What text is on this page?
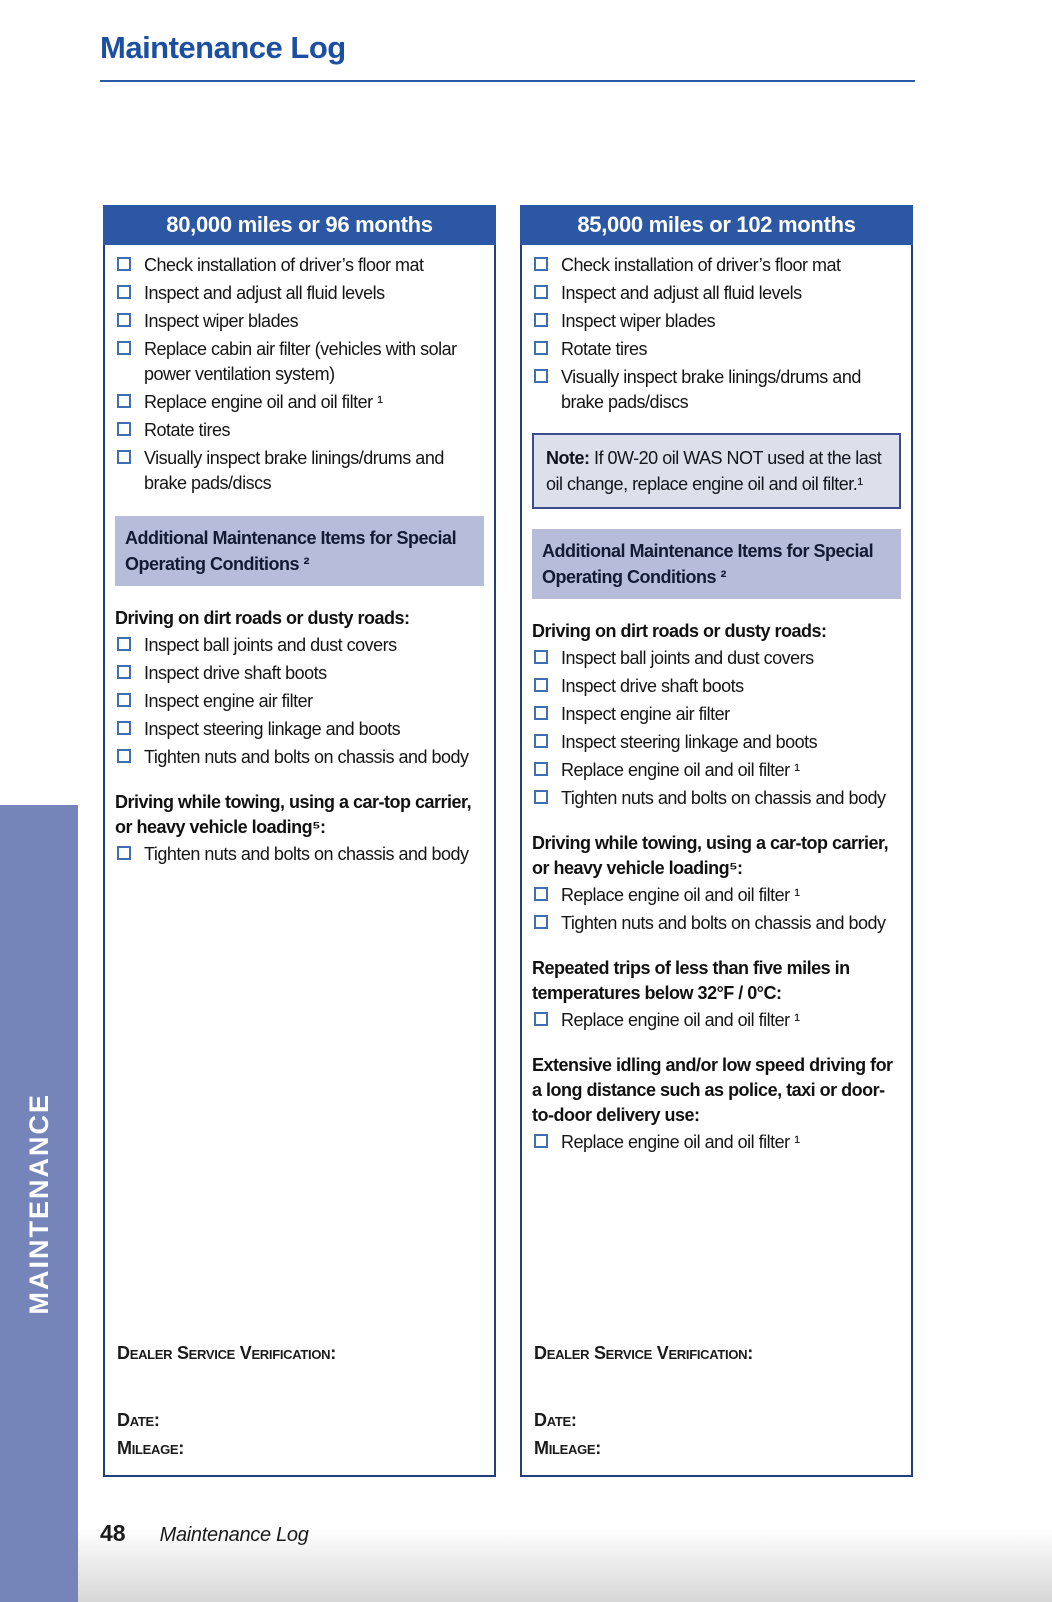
Maintenance Log
80,000 miles or 96 months
Check installation of driver’s floor mat
Inspect and adjust all fluid levels
Inspect wiper blades
Replace cabin air filter (vehicles with solar power ventilation system)
Replace engine oil and oil filter ¹
Rotate tires
Visually inspect brake linings/drums and brake pads/discs
Additional Maintenance Items for Special Operating Conditions ²
Driving on dirt roads or dusty roads:
Inspect ball joints and dust covers
Inspect drive shaft boots
Inspect engine air filter
Inspect steering linkage and boots
Tighten nuts and bolts on chassis and body
Driving while towing, using a car-top carrier, or heavy vehicle loading⁵:
Tighten nuts and bolts on chassis and body
Dealer Service Verification:
Date:
Mileage:
85,000 miles or 102 months
Check installation of driver’s floor mat
Inspect and adjust all fluid levels
Inspect wiper blades
Rotate tires
Visually inspect brake linings/drums and brake pads/discs
Note: If 0W-20 oil WAS NOT used at the last oil change, replace engine oil and oil filter.¹
Additional Maintenance Items for Special Operating Conditions ²
Driving on dirt roads or dusty roads:
Inspect ball joints and dust covers
Inspect drive shaft boots
Inspect engine air filter
Inspect steering linkage and boots
Replace engine oil and oil filter ¹
Tighten nuts and bolts on chassis and body
Driving while towing, using a car-top carrier, or heavy vehicle loading⁵:
Replace engine oil and oil filter ¹
Tighten nuts and bolts on chassis and body
Repeated trips of less than five miles in temperatures below 32°F / 0°C:
Replace engine oil and oil filter ¹
Extensive idling and/or low speed driving for a long distance such as police, taxi or door-to-door delivery use:
Replace engine oil and oil filter ¹
Dealer Service Verification:
Date:
Mileage:
MAINTENANCE
48 Maintenance Log
